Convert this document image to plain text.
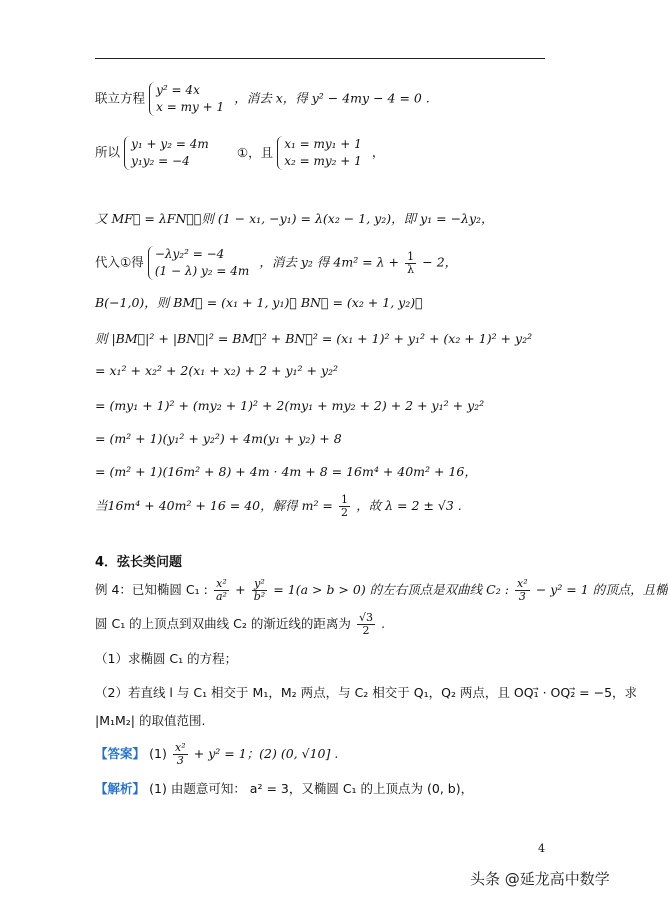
联立方程
y² = 4x
x = my + 1
，消去 x，得 y² − 4my − 4 = 0 .
所以
y₁ + y₂ = 4m
y₁y₂ = −4
①，且
x₁ = my₁ + 1
x₂ = my₂ + 1
，
又 MF⃗ = λFN⃗，则 (1 − x₁, −y₁) = λ(x₂ − 1, y₂)，即 y₁ = −λy₂，
代入①得
−λy₂² = −4
(1 − λ) y₂ = 4m
，消去 y₂ 得 $4m^2 = \lambda + \frac{1}{\lambda} - 2$，
B(−1,0)，则 BM⃗ = (x₁ + 1, y₁)， BN⃗ = (x₂ + 1, y₂)，
则 |BM⃗|² + |BN⃗|² = BM⃗² + BN⃗² = (x₁ + 1)² + y₁² + (x₂ + 1)² + y₂²
= x₁² + x₂² + 2(x₁ + x₂) + 2 + y₁² + y₂²
= (my₁ + 1)² + (my₂ + 1)² + 2(my₁ + my₂ + 2) + 2 + y₁² + y₂²
= (m² + 1)(y₁² + y₂²) + 4m(y₁ + y₂) + 8
= (m² + 1)(16m² + 8) + 4m · 4m + 8 = 16m⁴ + 40m² + 16，
当16m⁴ + 40m² + 16 = 40，解得 $m^2 = \frac{1}{2}$ ，故 λ = 2 ± √3 .
4．弦长类问题
例 4：已知椭圆 C₁ : $\frac{\text{x²}}{\text{a²}} + \frac{\text{y²}}{\text{b²}} = 1(a > b > 0)$ 的左右顶点是双曲线 C₂ : $\frac{\text{x²}}{3} - y^2 = 1$ 的顶点，且椭
圆 C₁ 的上顶点到双曲线 C₂ 的渐近线的距离为 $\frac{√3}{2}$ .
（1）求椭圆 C₁ 的方程；
（2）若直线 l 与 C₁ 相交于 M₁，M₂ 两点，与 C₂ 相交于 Q₁，Q₂ 两点，且 OQ₁⃗ · OQ₂⃗ = −5，求
|M₁M₂| 的取值范围.
【答案】 $(1) \frac{\text{x²}}{3} + y^2 = 1$；(2) (0, √10] .
【解析】 (1) 由题意可知： a² = 3，又椭圆 C₁ 的上顶点为 (0, b)，
4
头条 @延龙高中数学
